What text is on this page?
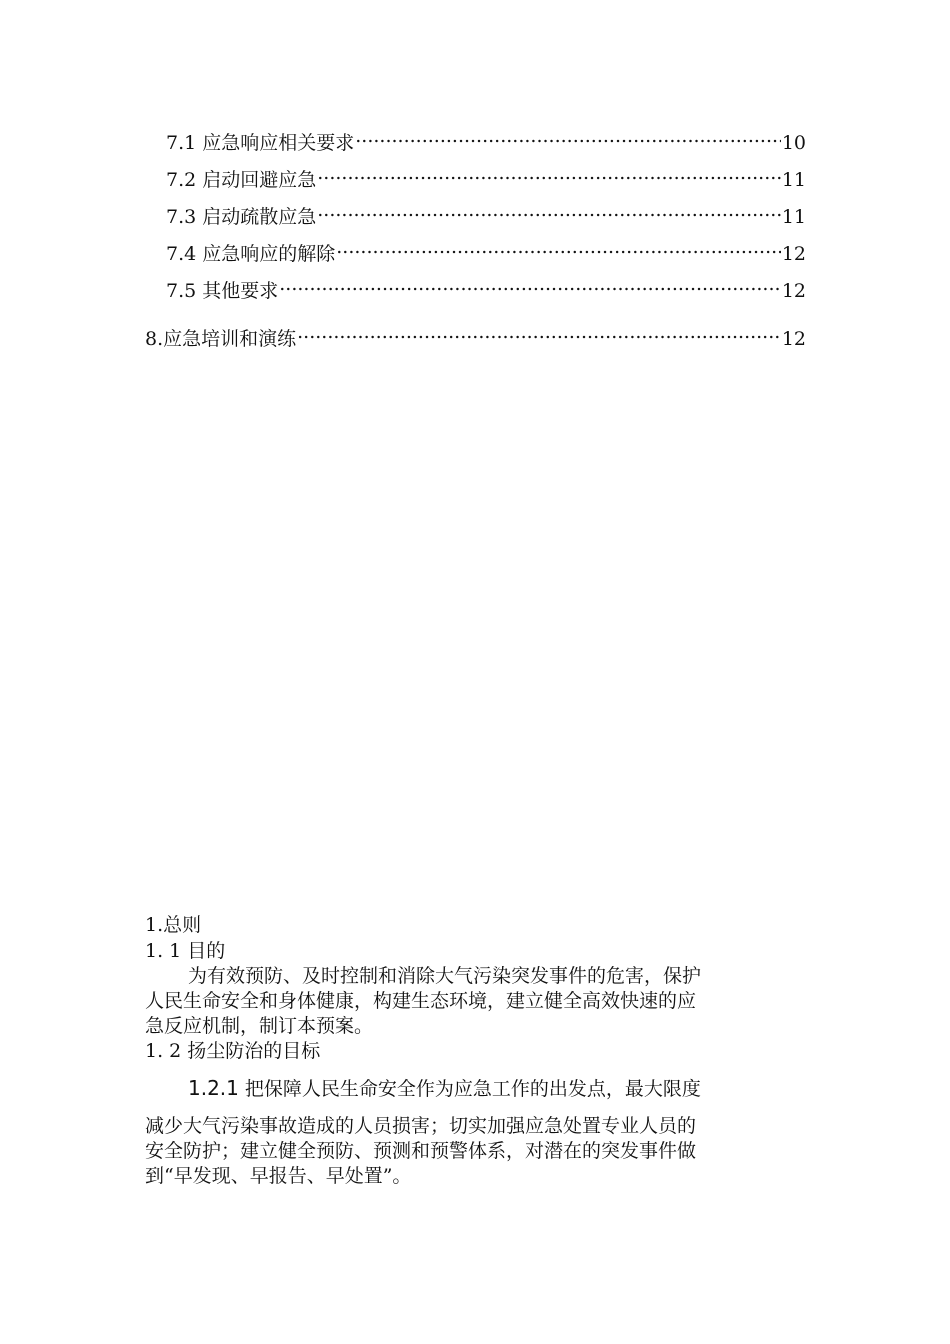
7.1 应急响应相关要求 .....	10
7.2 启动回避应急 .....	11
7.3 启动疏散应急 .....	11
7.4 应急响应的解除 .....	12
7.5 其他要求 .....	12
8.应急培训和演练 .....	12
1.总则
1. 1 目的
为有效预防、及时控制和消除大气污染突发事件的危害，保护
人民生命安全和身体健康，构建生态环境，建立健全高效快速的应
急反应机制，制订本预案。
1. 2 扬尘防治的目标
1.2.1 把保障人民生命安全作为应急工作的出发点，最大限度
减少大气污染事故造成的人员损害；切实加强应急处置专业人员的
安全防护；建立健全预防、预测和预警体系，对潜在的突发事件做
到“早发现、早报告、早处置”。
